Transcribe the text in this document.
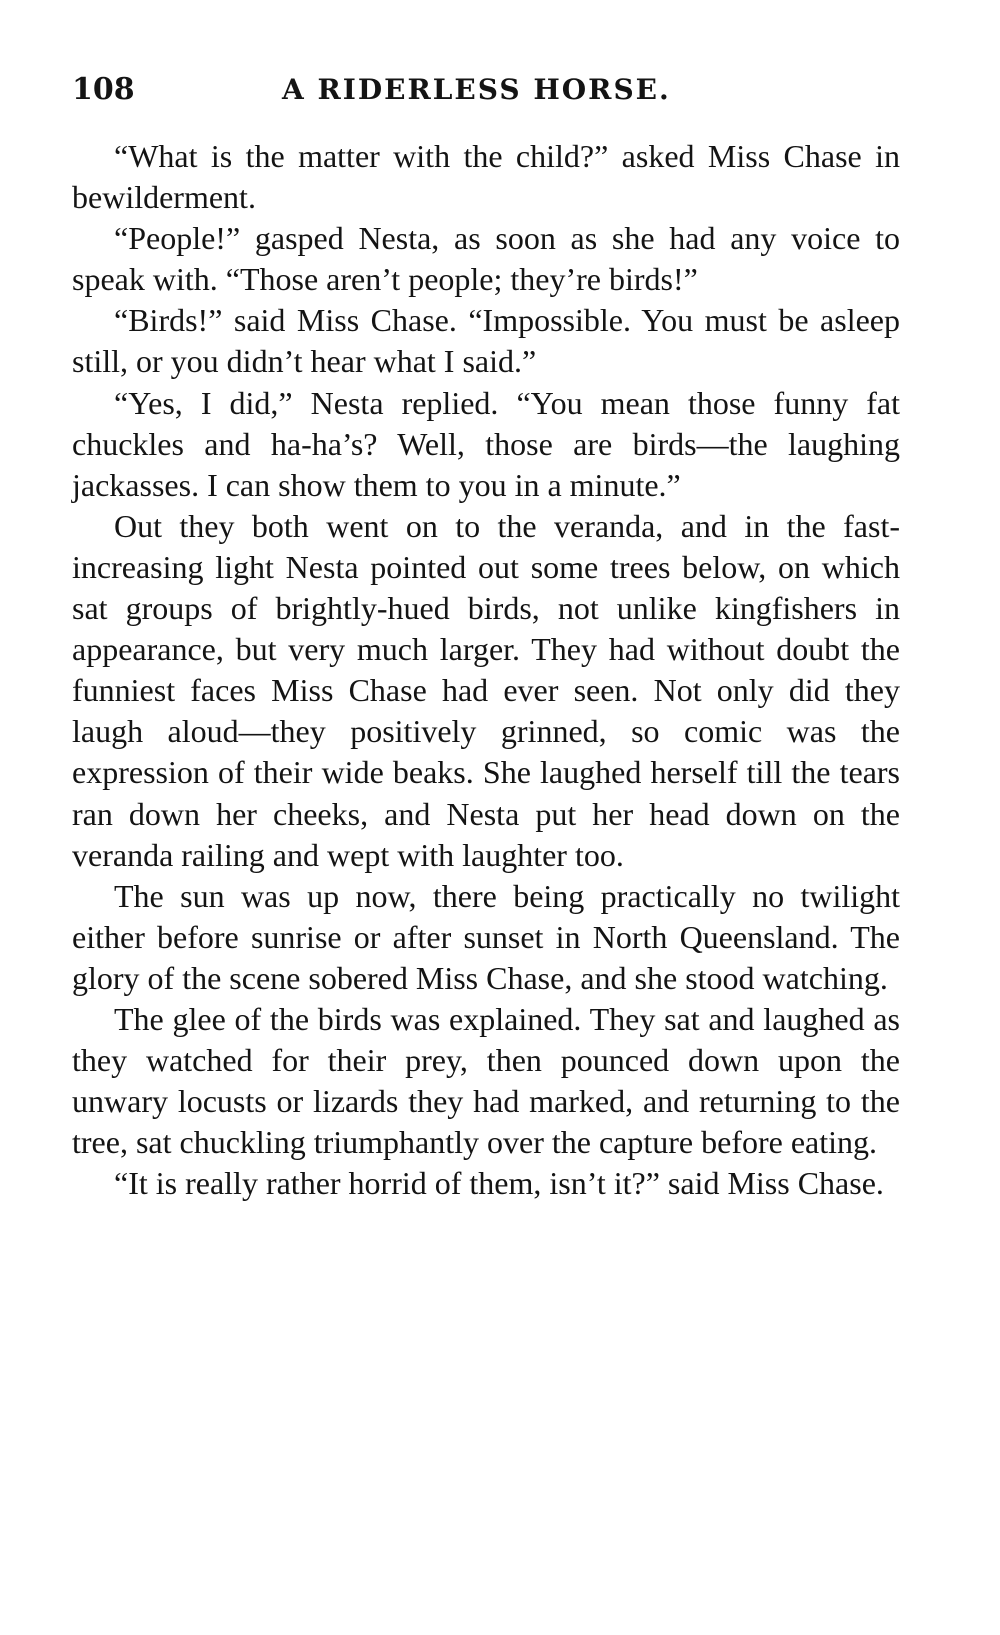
108	A RIDERLESS HORSE.

“What is the matter with the child?” asked Miss Chase in bewilderment.

“People!” gasped Nesta, as soon as she had any voice to speak with. “Those aren’t people; they’re birds!”

“Birds!” said Miss Chase. “Impossible. You must be asleep still, or you didn’t hear what I said.”

“Yes, I did,” Nesta replied. “You mean those funny fat chuckles and ha-ha’s? Well, those are birds—the laughing jackasses. I can show them to you in a minute.”

Out they both went on to the veranda, and in the fast-increasing light Nesta pointed out some trees below, on which sat groups of brightly-hued birds, not unlike kingfishers in appearance, but very much larger. They had without doubt the funniest faces Miss Chase had ever seen. Not only did they laugh aloud—they positively grinned, so comic was the expression of their wide beaks. She laughed herself till the tears ran down her cheeks, and Nesta put her head down on the veranda railing and wept with laughter too.

The sun was up now, there being practically no twilight either before sunrise or after sunset in North Queensland. The glory of the scene sobered Miss Chase, and she stood watching.

The glee of the birds was explained. They sat and laughed as they watched for their prey, then pounced down upon the unwary locusts or lizards they had marked, and returning to the tree, sat chuckling triumphantly over the capture before eating.

“It is really rather horrid of them, isn’t it?” said Miss Chase.
